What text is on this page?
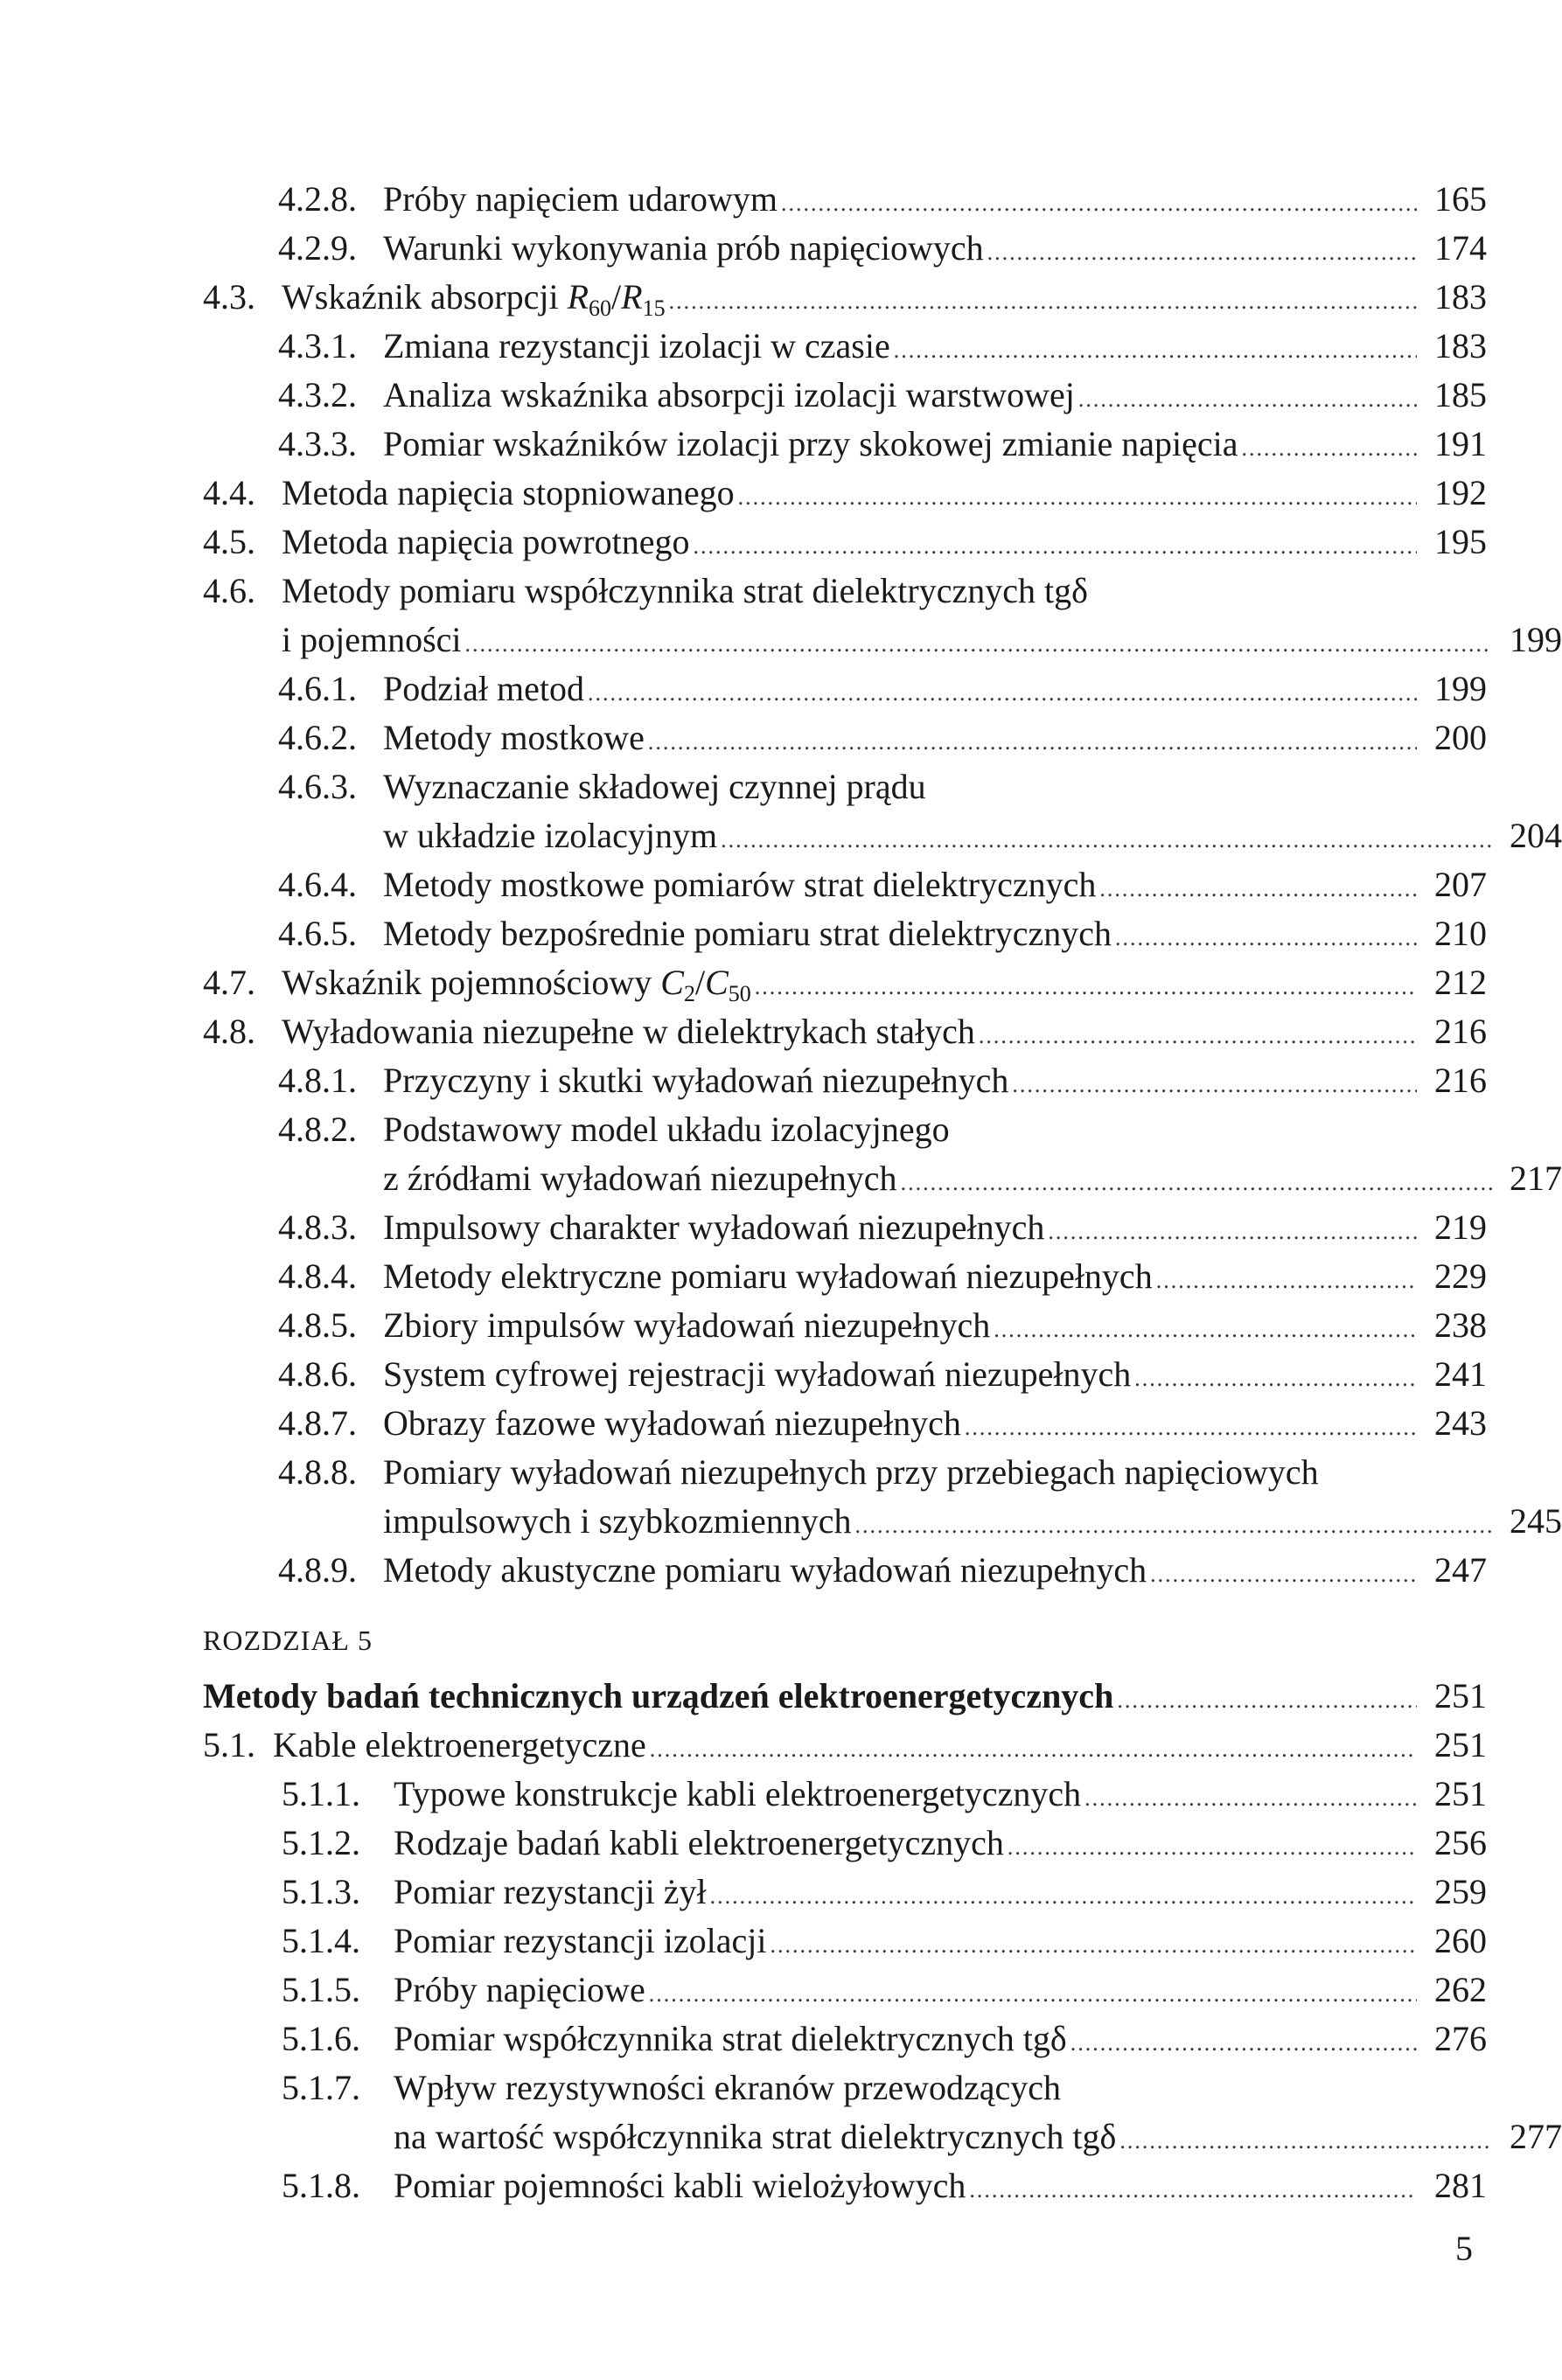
4.2.8. Próby napięciem udarowym .....	165
4.2.9. Warunki wykonywania prób napięciowych .....	174
4.3. Wskaźnik absorpcji $R_{60}/R_{15}$ .....	183
4.3.1. Zmiana rezystancji izolacji w czasie .....	183
4.3.2. Analiza wskaźnika absorpcji izolacji warstwowej .....	185
4.3.3. Pomiar wskaźników izolacji przy skokowej zmianie napięcia .....	191
4.4. Metoda napięcia stopniowanego .....	192
4.5. Metoda napięcia powrotnego .....	195
4.6. Metody pomiaru współczynnika strat dielektrycznych tgδ
i pojemności .....	199
4.6.1. Podział metod .....	199
4.6.2. Metody mostkowe .....	200
4.6.3. Wyznaczanie składowej czynnej prądu
w układzie izolacyjnym .....	204
4.6.4. Metody mostkowe pomiarów strat dielektrycznych .....	207
4.6.5. Metody bezpośrednie pomiaru strat dielektrycznych .....	210
4.7. Wskaźnik pojemnościowy $C_2/C_{50}$ .....	212
4.8. Wyładowania niezupełne w dielektrykach stałych .....	216
4.8.1. Przyczyny i skutki wyładowań niezupełnych .....	216
4.8.2. Podstawowy model układu izolacyjnego
z źródłami wyładowań niezupełnych .....	217
4.8.3. Impulsowy charakter wyładowań niezupełnych .....	219
4.8.4. Metody elektryczne pomiaru wyładowań niezupełnych .....	229
4.8.5. Zbiory impulsów wyładowań niezupełnych .....	238
4.8.6. System cyfrowej rejestracji wyładowań niezupełnych .....	241
4.8.7. Obrazy fazowe wyładowań niezupełnych .....	243
4.8.8. Pomiary wyładowań niezupełnych przy przebiegach napięciowych
impulsowych i szybkozmiennych .....	245
4.8.9. Metody akustyczne pomiaru wyładowań niezupełnych .....	247
ROZDZIAŁ 5
Metody badań technicznych urządzeń elektroenergetycznych .....	251
5.1. Kable elektroenergetyczne .....	251
5.1.1. Typowe konstrukcje kabli elektroenergetycznych .....	251
5.1.2. Rodzaje badań kabli elektroenergetycznych .....	256
5.1.3. Pomiar rezystancji żył .....	259
5.1.4. Pomiar rezystancji izolacji .....	260
5.1.5. Próby napięciowe .....	262
5.1.6. Pomiar współczynnika strat dielektrycznych tgδ .....	276
5.1.7. Wpływ rezystywności ekranów przewodzących
na wartość współczynnika strat dielektrycznych tgδ .....	277
5.1.8. Pomiar pojemności kabli wielożyłowych .....	281
5
